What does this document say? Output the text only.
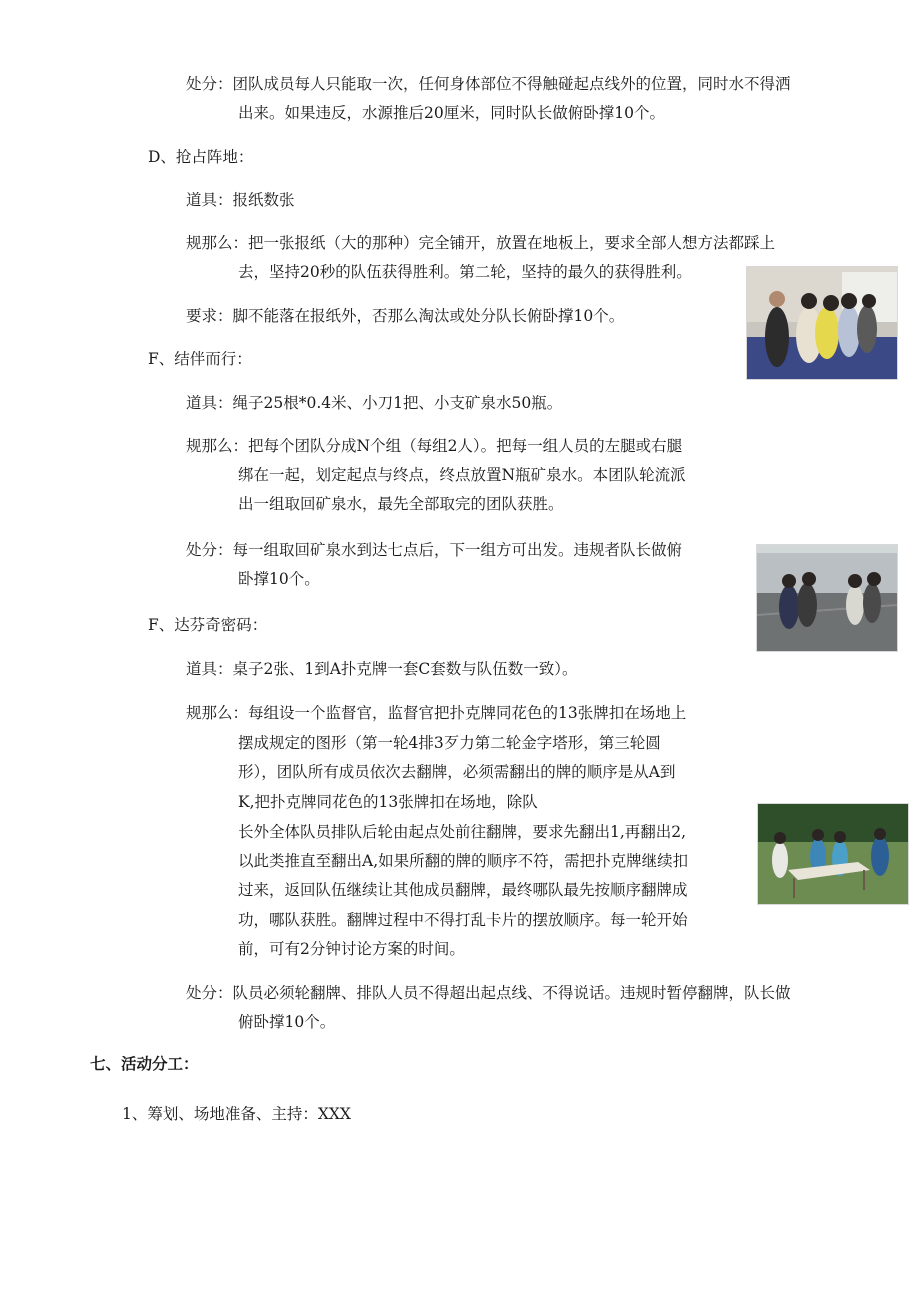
处分：团队成员每人只能取一次，任何身体部位不得触碰起点线外的位置，同时水不得洒
出来。如果违反，水源推后20厘米，同时队长做俯卧撑10个。
D、抢占阵地：
道具：报纸数张
规那么：把一张报纸（大的那种）完全铺开，放置在地板上，要求全部人想方法都踩上
去，坚持20秒的队伍获得胜利。第二轮，坚持的最久的获得胜利。
要求：脚不能落在报纸外，否那么淘汰或处分队长俯卧撑10个。
F、结伴而行：
道具：绳子25根*0.4米、小刀1把、小支矿泉水50瓶。
规那么：把每个团队分成N个组（每组2人）。把每一组人员的左腿或右腿
绑在一起，划定起点与终点，终点放置N瓶矿泉水。本团队轮流派
出一组取回矿泉水，最先全部取完的团队获胜。
处分：每一组取回矿泉水到达七点后，下一组方可出发。违规者队长做俯
卧撑10个。
F、达芬奇密码：
道具：桌子2张、1到A扑克牌一套C套数与队伍数一致）。
规那么：每组设一个监督官，监督官把扑克牌同花色的13张牌扣在场地上
摆成规定的图形（第一轮4排3歹力第二轮金字塔形，第三轮圆
形），团队所有成员依次去翻牌，必须需翻出的牌的顺序是从A到
K,把扑克牌同花色的13张牌扣在场地，除队
长外全体队员排队后轮由起点处前往翻牌，要求先翻出1,再翻出2,
以此类推直至翻出A,如果所翻的牌的顺序不符，需把扑克牌继续扣
过来，返回队伍继续让其他成员翻牌，最终哪队最先按顺序翻牌成
功，哪队获胜。翻牌过程中不得打乱卡片的摆放顺序。每一轮开始
前，可有2分钟讨论方案的时间。
处分：队员必须轮翻牌、排队人员不得超出起点线、不得说话。违规时暂停翻牌，队长做
俯卧撑10个。
七、活动分工：
1、筹划、场地准备、主持：XXX
